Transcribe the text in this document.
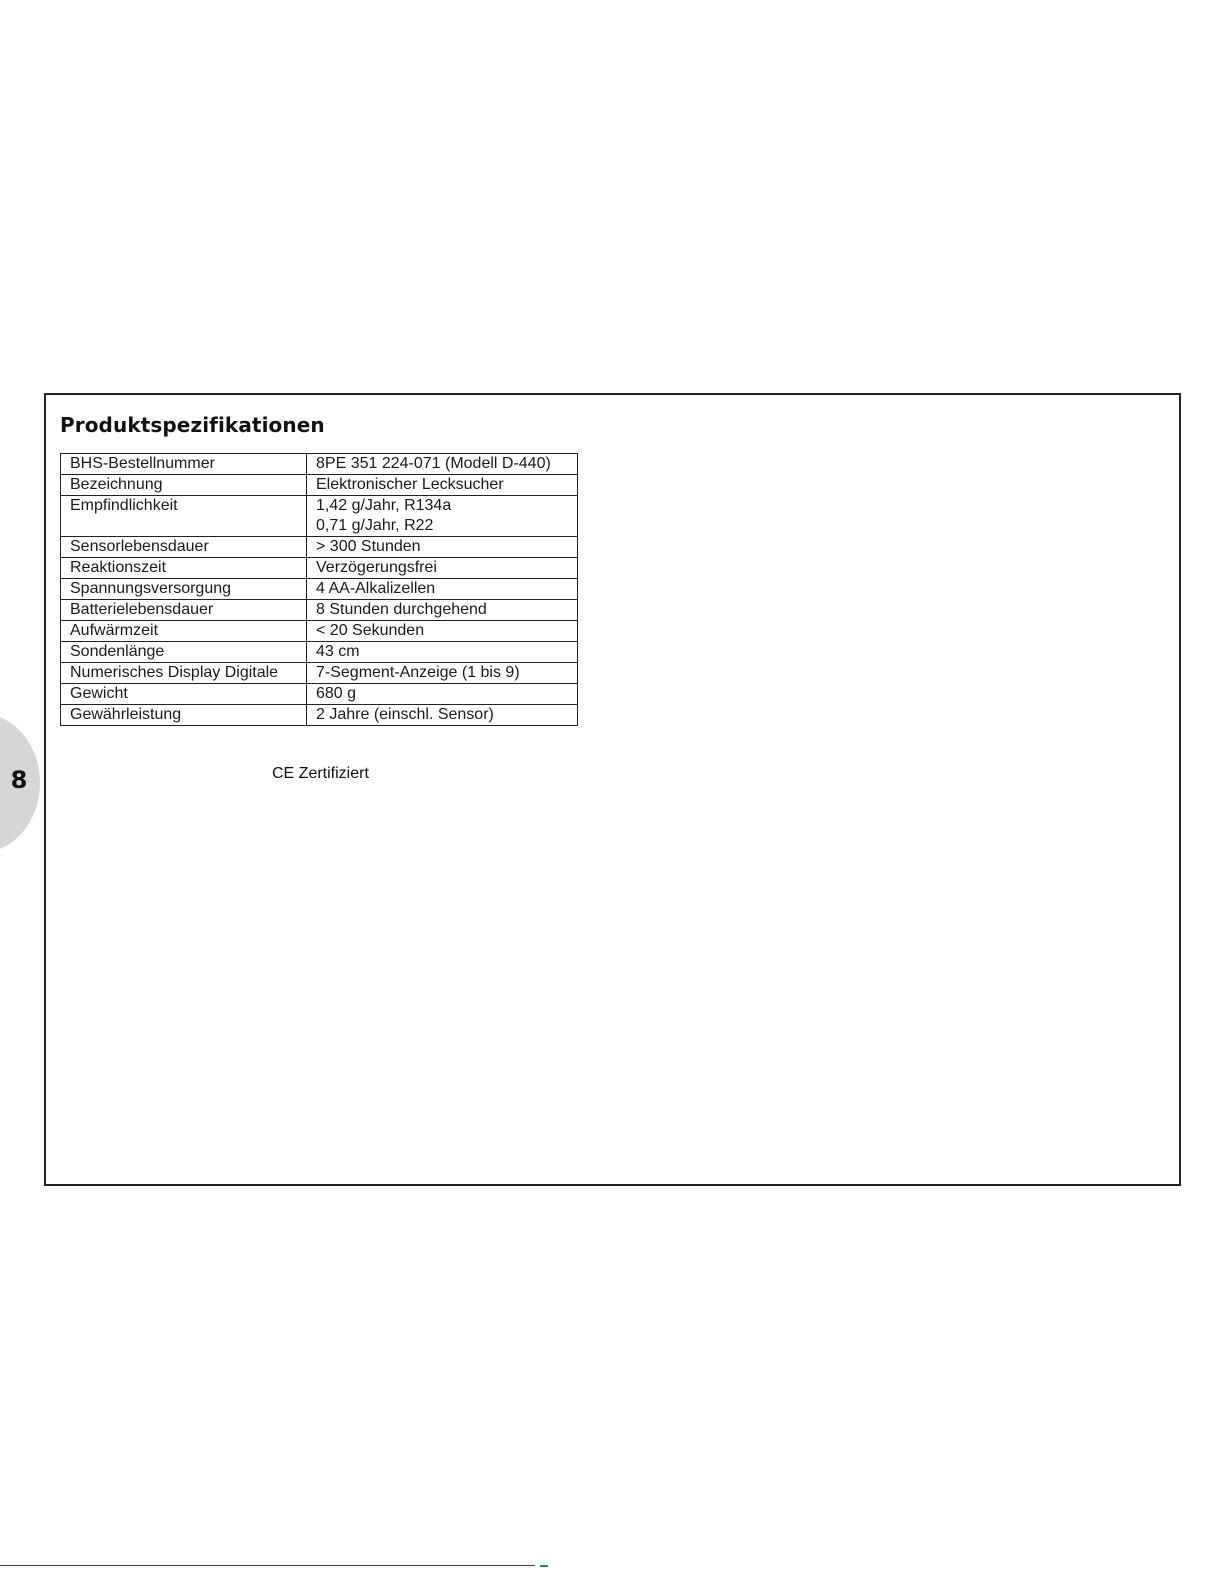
8
Produktspezifikationen
BHS-Bestellnummer	8PE 351 224-071 (Modell D-440)

Bezeichnung	Elektronischer Lecksucher

Empfindlichkeit	1,42 g/Jahr, R134a
0,71 g/Jahr, R22

Sensorlebensdauer	> 300 Stunden

Reaktionszeit	Verzögerungsfrei

Spannungsversorgung	4 AA-Alkalizellen

Batterielebensdauer	8 Stunden durchgehend

Aufwärmzeit	< 20 Sekunden

Sondenlänge	43 cm

Numerisches Display Digitale	7-Segment-Anzeige (1 bis 9)

Gewicht	680 g

Gewährleistung	2 Jahre (einschl. Sensor)
CE Zertifiziert
